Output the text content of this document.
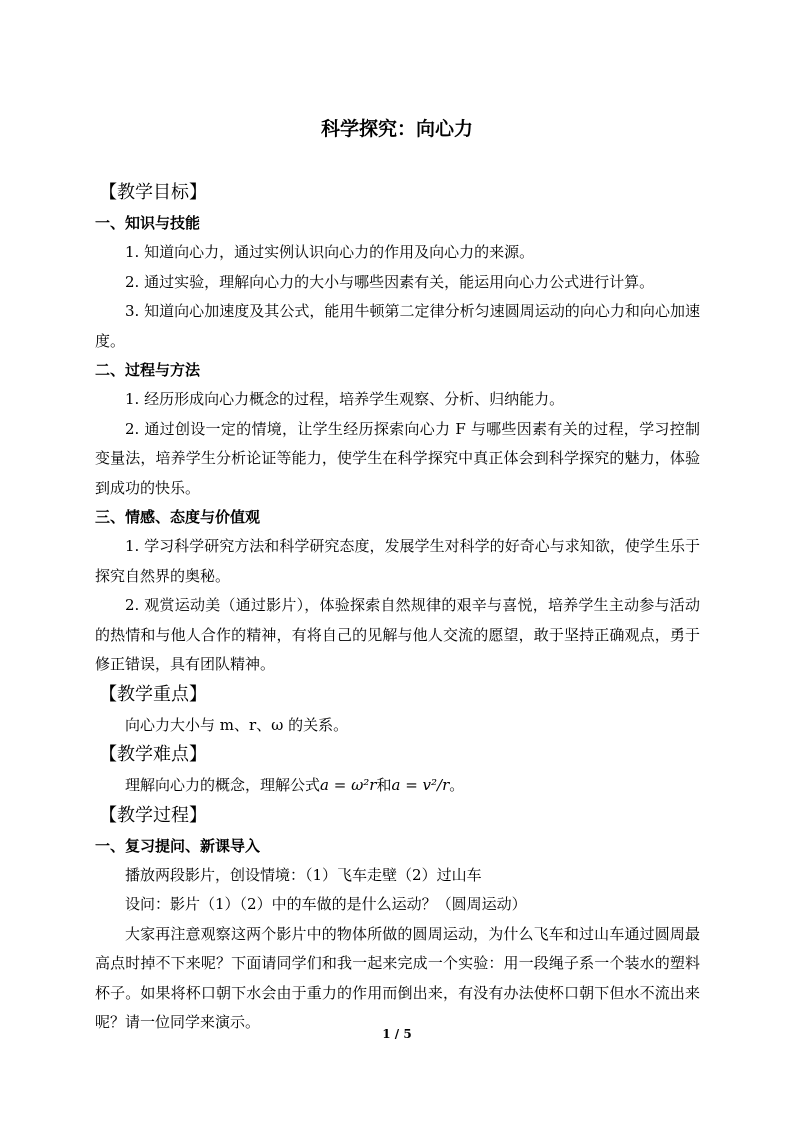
科学探究：向心力
【教学目标】
一、知识与技能

1. 知道向心力，通过实例认识向心力的作用及向心力的来源。

2. 通过实验，理解向心力的大小与哪些因素有关，能运用向心力公式进行计算。

3. 知道向心加速度及其公式，能用牛顿第二定律分析匀速圆周运动的向心力和向心加速度。

二、过程与方法

1. 经历形成向心力概念的过程，培养学生观察、分析、归纳能力。

2. 通过创设一定的情境，让学生经历探索向心力 F 与哪些因素有关的过程，学习控制变量法，培养学生分析论证等能力，使学生在科学探究中真正体会到科学探究的魅力，体验到成功的快乐。

三、情感、态度与价值观

1. 学习科学研究方法和科学研究态度，发展学生对科学的好奇心与求知欲，使学生乐于探究自然界的奥秘。

2. 观赏运动美（通过影片），体验探索自然规律的艰辛与喜悦，培养学生主动参与活动的热情和与他人合作的精神，有将自己的见解与他人交流的愿望，敢于坚持正确观点，勇于修正错误，具有团队精神。

【教学重点】

向心力大小与 m、r、ω 的关系。

【教学难点】

理解向心力的概念，理解公式a = ω²r和a = v²/r。

【教学过程】
一、复习提问、新课导入

播放两段影片，创设情境：（1）飞车走壁（2）过山车

设问：影片（1）（2）中的车做的是什么运动？（圆周运动）

大家再注意观察这两个影片中的物体所做的圆周运动，为什么飞车和过山车通过圆周最高点时掉不下来呢？下面请同学们和我一起来完成一个实验：用一段绳子系一个装水的塑料杯子。如果将杯口朝下水会由于重力的作用而倒出来，有没有办法使杯口朝下但水不流出来呢？请一位同学来演示。

1 / 5
